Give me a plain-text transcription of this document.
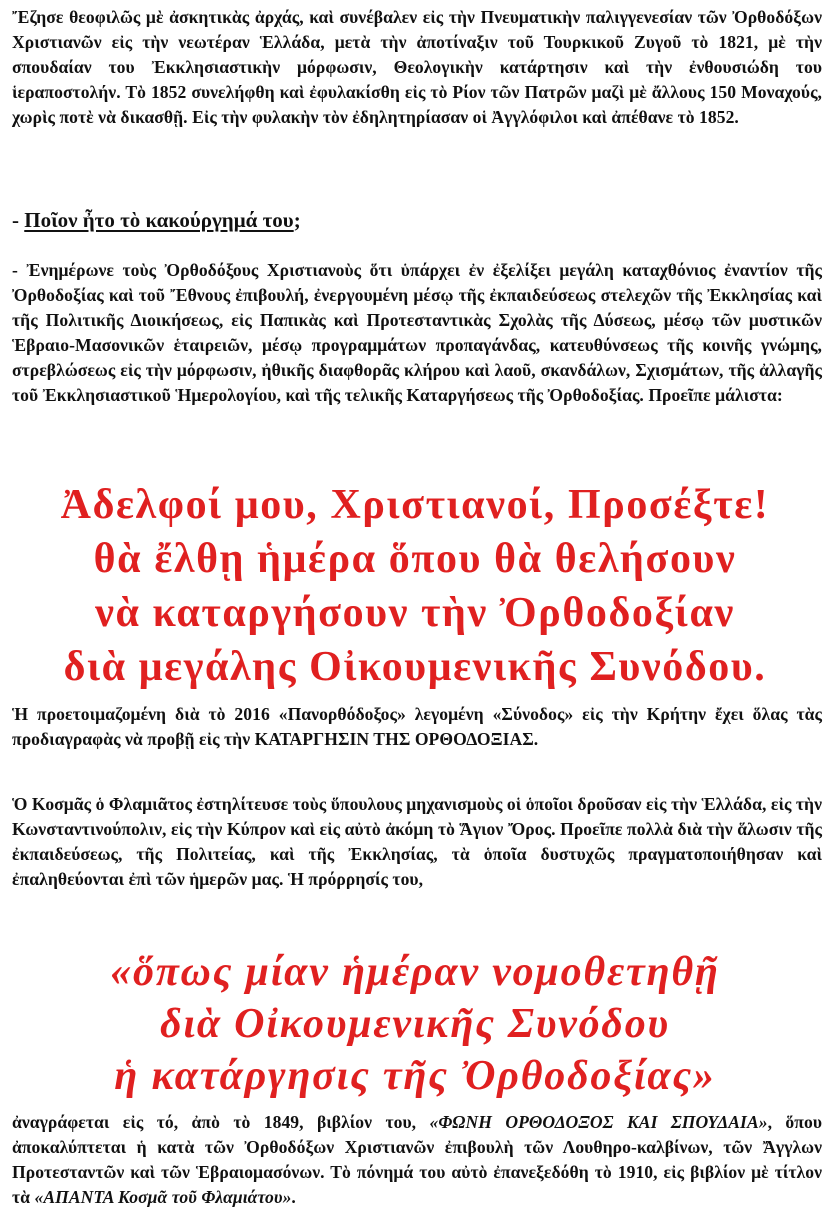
Ἔζησε θεοφιλῶς μὲ ἀσκητικὰς ἀρχάς, καὶ συνέβαλεν εἰς τὴν Πνευματικὴν παλιγγενεσίαν τῶν Ὀρθοδόξων Χριστιανῶν εἰς τὴν νεωτέραν Ἑλλάδα, μετὰ τὴν ἀποτίναξιν τοῦ Τουρκικοῦ Ζυγοῦ τὸ 1821, μὲ τὴν σπουδαίαν του Ἐκκλησιαστικὴν μόρφωσιν, Θεολογικὴν κατάρτησιν καὶ τὴν ἐνθουσιώδη του ἱεραποστολήν. Τὸ 1852 συνελήφθη καὶ ἐφυλακίσθη εἰς τὸ Ρίον τῶν Πατρῶν μαζὶ μὲ ἄλλους 150 Μοναχούς, χωρὶς ποτὲ νὰ δικασθῇ. Εἰς τὴν φυλακὴν τὸν ἐδηλητηρίασαν οἱ Ἀγγλόφιλοι καὶ ἀπέθανε τὸ 1852.

- Ποῖον ἦτο τὸ κακούργημά του;

- Ἐνημέρωνε τοὺς Ὀρθοδόξους Χριστιανοὺς ὅτι ὑπάρχει ἐν ἐξελίξει μεγάλη καταχθόνιος ἐναντίον τῆς Ὀρθοδοξίας καὶ τοῦ Ἔθνους ἐπιβουλή, ἐνεργουμένη μέσῳ τῆς ἐκπαιδεύσεως στελεχῶν τῆς Ἐκκλησίας καὶ τῆς Πολιτικῆς Διοικήσεως, εἰς Παπικὰς καὶ Προτεσταντικὰς Σχολὰς τῆς Δύσεως, μέσῳ τῶν μυστικῶν Ἑβραιο-Μασονικῶν ἑταιρειῶν, μέσῳ προγραμμάτων προπαγάνδας, κατευθύνσεως τῆς κοινῆς γνώμης, στρεβλώσεως εἰς τὴν μόρφωσιν, ἠθικῆς διαφθορᾶς κλήρου καὶ λαοῦ, σκανδάλων, Σχισμάτων, τῆς ἀλλαγῆς τοῦ Ἐκκλησιαστικοῦ Ἡμερολογίου, καὶ τῆς τελικῆς Καταργήσεως τῆς Ὀρθοδοξίας. Προεῖπε μάλιστα:

Ἀδελφοί μου, Χριστιανοί, Προσέξτε!
θὰ ἔλθῃ ἡμέρα ὅπου θὰ θελήσουν
νὰ καταργήσουν τὴν Ὀρθοδοξίαν
διὰ μεγάλης Οἰκουμενικῆς Συνόδου.

Ἡ προετοιμαζομένη διὰ τὸ 2016 «Πανορθόδοξος» λεγομένη «Σύνοδος» εἰς τὴν Κρήτην ἔχει ὅλας τὰς προδιαγραφὰς νὰ προβῇ εἰς τὴν ΚΑΤΑΡΓΗΣΙΝ ΤΗΣ ΟΡΘΟΔΟΞΙΑΣ.

Ὁ Κοσμᾶς ὁ Φλαμιᾶτος ἐστηλίτευσε τοὺς ὕπουλους μηχανισμοὺς οἱ ὁποῖοι δροῦσαν εἰς τὴν Ἑλλάδα, εἰς τὴν Κωνσταντινούπολιν, εἰς τὴν Κύπρον καὶ εἰς αὐτὸ ἀκόμη τὸ Ἅγιον Ὄρος. Προεῖπε πολλὰ διὰ τὴν ἅλωσιν τῆς ἐκπαιδεύσεως, τῆς Πολιτείας, καὶ τῆς Ἐκκλησίας, τὰ ὁποῖα δυστυχῶς πραγματοποιήθησαν καὶ ἐπαληθεύονται ἐπὶ τῶν ἡμερῶν μας. Ἡ πρόρρησίς του,

«ὅπως μίαν ἡμέραν νομοθετηθῇ
διὰ Οἰκουμενικῆς Συνόδου
ἡ κατάργησις τῆς Ὀρθοδοξίας»

ἀναγράφεται εἰς τό, ἀπὸ τὸ 1849, βιβλίον του, «ΦΩΝΗ ΟΡΘΟΔΟΞΟΣ ΚΑΙ ΣΠΟΥΔΑΙΑ», ὅπου ἀποκαλύπτεται ἡ κατὰ τῶν Ὀρθοδόξων Χριστιανῶν ἐπιβουλὴ τῶν Λουθηρο-καλβίνων, τῶν Ἄγγλων Προτεσταντῶν καὶ τῶν Ἑβραιομασόνων. Τὸ πόνημά του αὐτὸ ἐπανεξεδόθη τὸ 1910, εἰς βιβλίον μὲ τίτλον τὰ «ΑΠΑΝΤΑ Κοσμᾶ τοῦ Φλαμιάτου».
